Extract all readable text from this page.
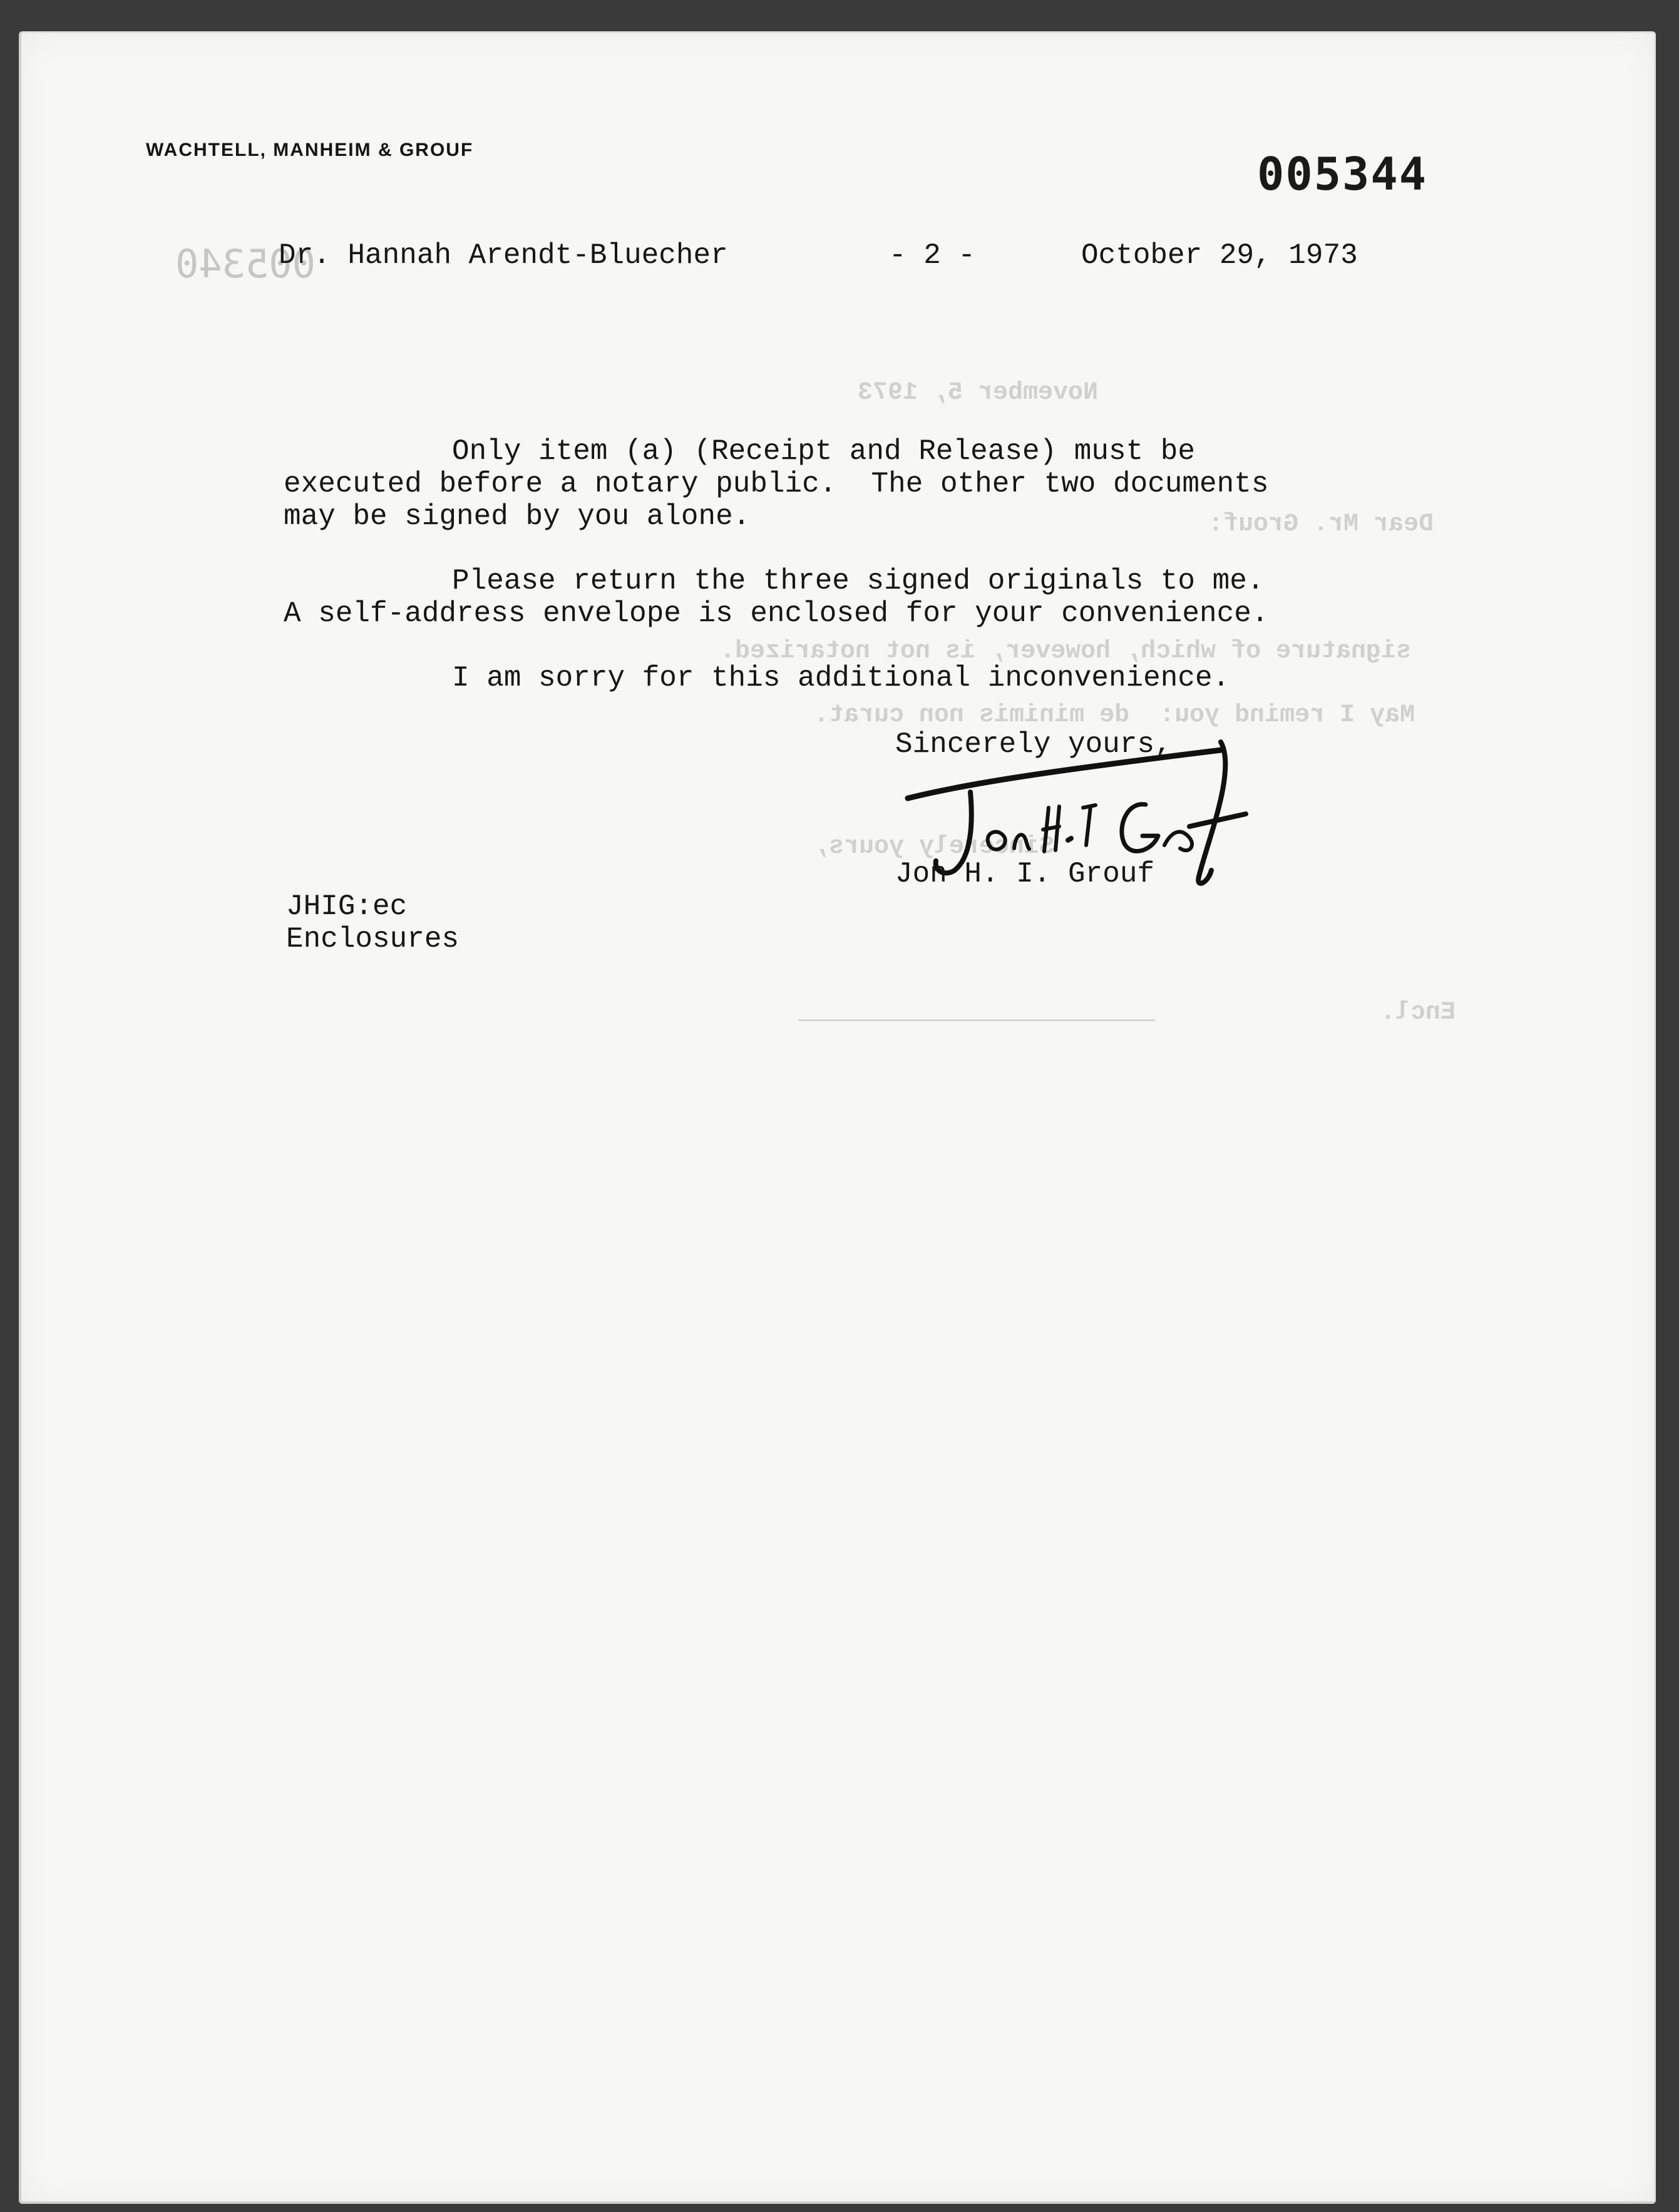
005340
November 5, 1973
Dear Mr. Grouf:
signature of which, however, is not notarized.
May I remind you:  de minimis non curat.
Sincerely yours,
Encl.
WACHTELL, MANHEIM & GROUF	005344
Dr. Hannah Arendt-Bluecher	- 2 -	October 29, 1973
Only item (a) (Receipt and Release) must be
executed before a notary public.  The other two documents
may be signed by you alone.
Please return the three signed originals to me.
A self-address envelope is enclosed for your convenience.
I am sorry for this additional inconvenience.
Sincerely yours,
Jon H. I. Grouf
JHIG:ec
Enclosures
